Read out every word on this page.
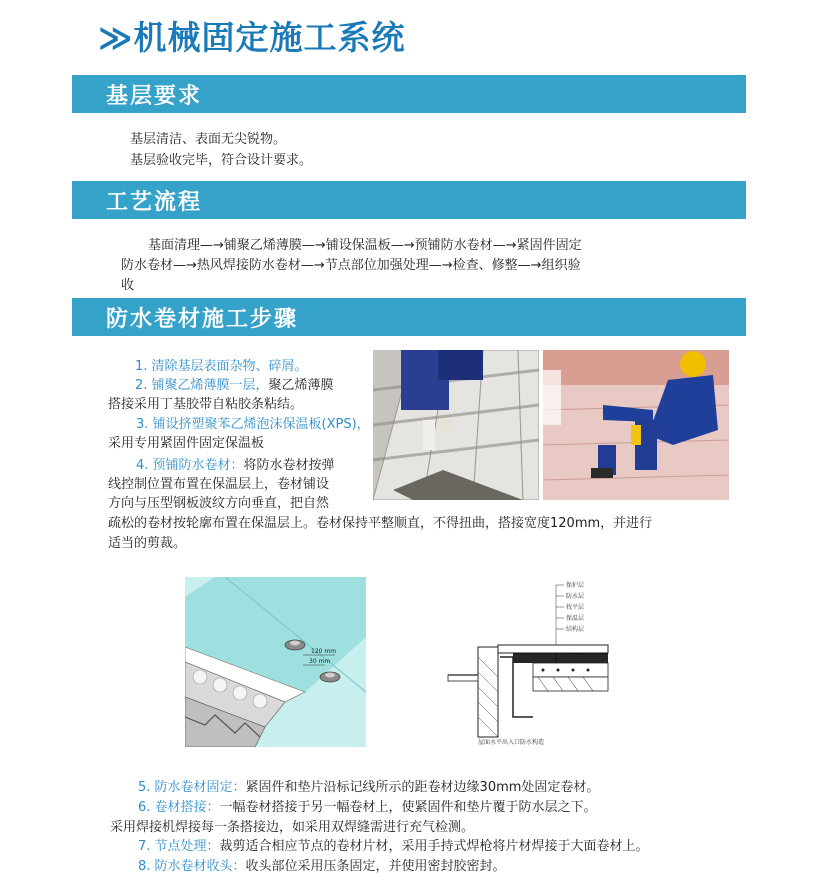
≫机械固定施工系统
基层要求
基层清洁、表面无尖锐物。
基层验收完毕，符合设计要求。
工艺流程
基面清理—→铺聚乙烯薄膜—→铺设保温板—→预铺防水卷材—→紧固件固定
防水卷材—→热风焊接防水卷材—→节点部位加强处理—→检查、修整—→组织验
收
防水卷材施工步骤
1. 清除基层表面杂物、碎屑。
2. 铺聚乙烯薄膜一层，聚乙烯薄膜
搭接采用丁基胶带自粘胶条粘结。
3. 铺设挤塑聚苯乙烯泡沫保温板(XPS)，
采用专用紧固件固定保温板
4. 预铺防水卷材：将防水卷材按弹
线控制位置布置在保温层上，卷材铺设
方向与压型钢板波纹方向垂直，把自然
疏松的卷材按轮廓布置在保温层上。卷材保持平整顺直，不得扭曲，搭接宽度120mm，并进行
适当的剪裁。
120 mm
30 mm
保护层
防水层
找平层
保温层
结构层
屋面水平出入口防水构造
5. 防水卷材固定：紧固件和垫片沿标记线所示的距卷材边缘30mm处固定卷材。
6. 卷材搭接：一幅卷材搭接于另一幅卷材上，使紧固件和垫片覆于防水层之下。
采用焊接机焊接每一条搭接边，如采用双焊缝需进行充气检测。
7. 节点处理：裁剪适合相应节点的卷材片材，采用手持式焊枪将片材焊接于大面卷材上。
8. 防水卷材收头：收头部位采用压条固定，并使用密封胶密封。
